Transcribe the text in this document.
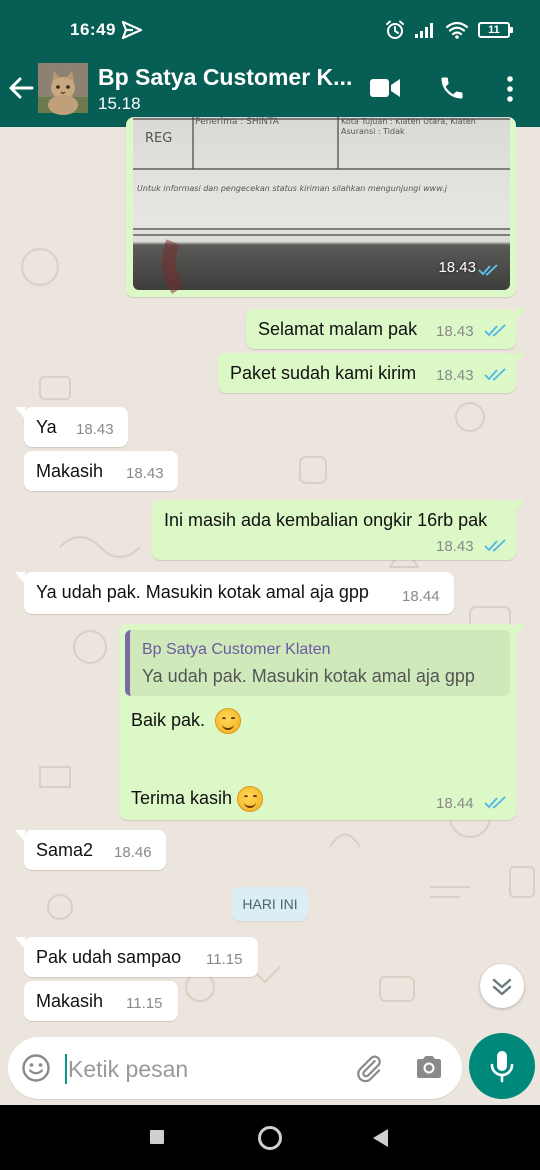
16:49	11
Bp Satya Customer K...
15.18
Penerima : SHINTA
REG
Kota Tujuan : Klaten Utara, Klaten
Asuransi : Tidak
Untuk informasi dan pengecekan status kiriman silahkan mengunjungi www.j
18.43
Selamat malam pak 18.43
Paket sudah kami kirim 18.43
Ya 18.43
Makasih 18.43
Ini masih ada kembalian ongkir 16rb pak
18.43
Ya udah pak. Masukin kotak amal aja gpp 18.44
Bp Satya Customer Klaten
Ya udah pak. Masukin kotak amal aja gpp
Baik pak.
Terima kasih	18.44
Sama2 18.46
HARI INI
Pak udah sampao 11.15
Makasih 11.15
Ketik pesan
